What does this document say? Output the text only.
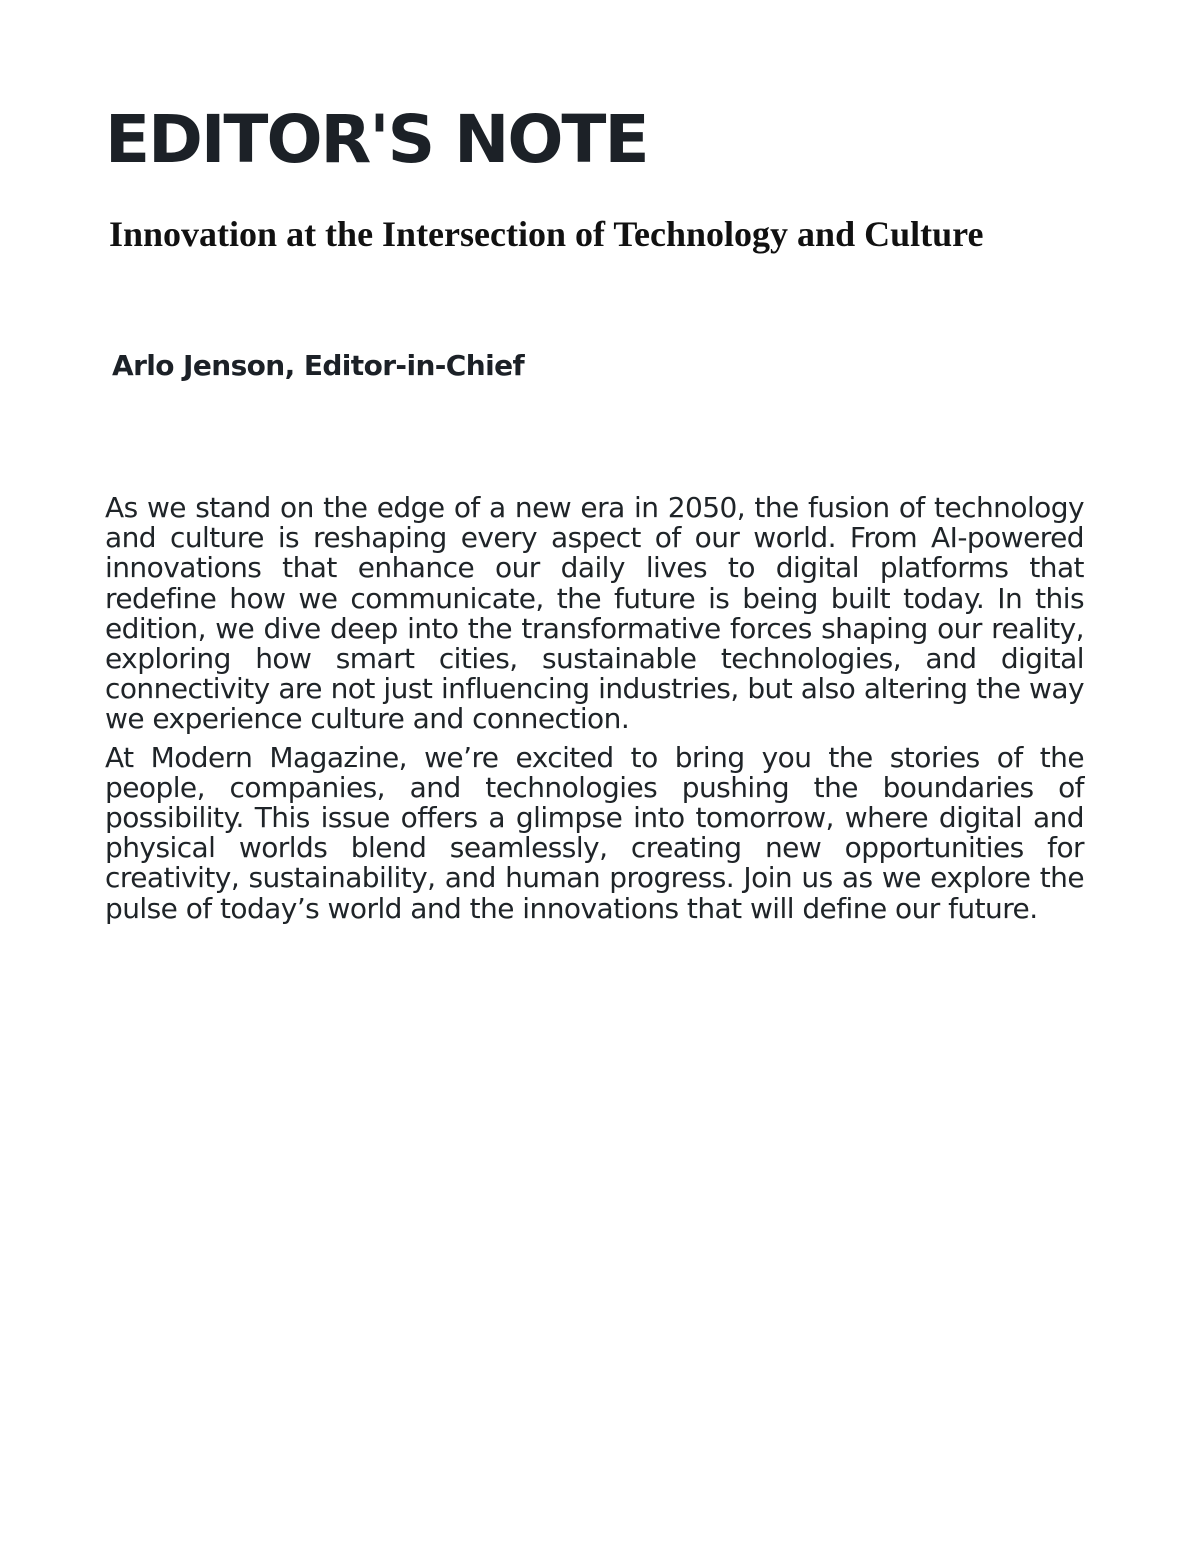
EDITOR'S NOTE
Innovation at the Intersection of Technology and Culture
Arlo Jenson, Editor-in-Chief

As we stand on the edge of a new era in 2050, the fusion of technology and culture is reshaping every aspect of our world. From AI-powered innovations that enhance our daily lives to digital platforms that redefine how we communicate, the future is being built today. In this edition, we dive deep into the transformative forces shaping our reality, exploring how smart cities, sustainable technologies, and digital connectivity are not just influencing industries, but also altering the way we experience culture and connection.

At Modern Magazine, we’re excited to bring you the stories of the people, companies, and technologies pushing the boundaries of possibility. This issue offers a glimpse into tomorrow, where digital and physical worlds blend seamlessly, creating new opportunities for creativity, sustainability, and human progress. Join us as we explore the pulse of today’s world and the innovations that will define our future.
